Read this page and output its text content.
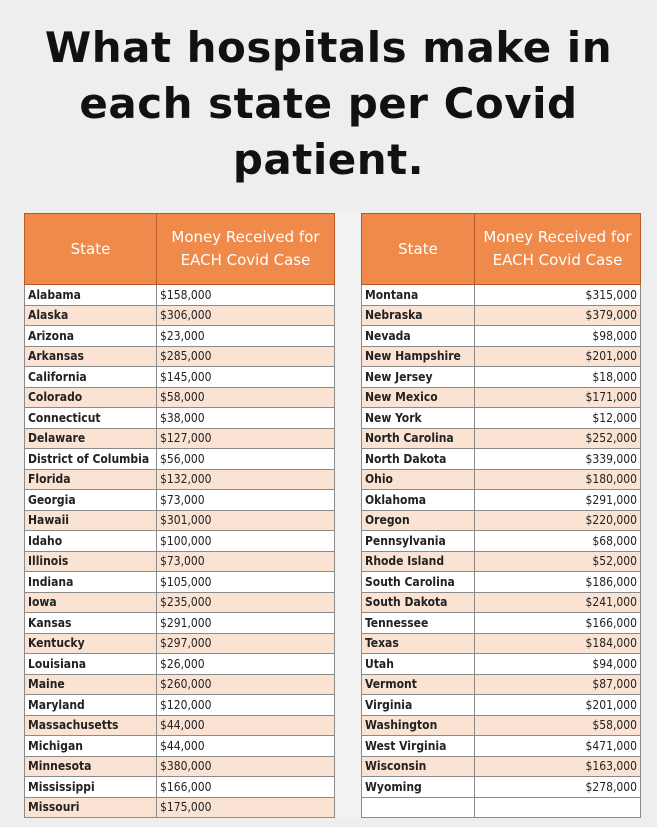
What hospitals make in
each state per Covid
patient.
State	Money Received for
EACH Covid Case

Alabama	$158,000
Alaska	$306,000
Arizona	$23,000
Arkansas	$285,000
California	$145,000
Colorado	$58,000
Connecticut	$38,000
Delaware	$127,000
District of Columbia	$56,000
Florida	$132,000
Georgia	$73,000
Hawaii	$301,000
Idaho	$100,000
Illinois	$73,000
Indiana	$105,000
Iowa	$235,000
Kansas	$291,000
Kentucky	$297,000
Louisiana	$26,000
Maine	$260,000
Maryland	$120,000
Massachusetts	$44,000
Michigan	$44,000
Minnesota	$380,000
Mississippi	$166,000
Missouri	$175,000
State	Money Received for
EACH Covid Case

Montana	$315,000
Nebraska	$379,000
Nevada	$98,000
New Hampshire	$201,000
New Jersey	$18,000
New Mexico	$171,000
New York	$12,000
North Carolina	$252,000
North Dakota	$339,000
Ohio	$180,000
Oklahoma	$291,000
Oregon	$220,000
Pennsylvania	$68,000
Rhode Island	$52,000
South Carolina	$186,000
South Dakota	$241,000
Tennessee	$166,000
Texas	$184,000
Utah	$94,000
Vermont	$87,000
Virginia	$201,000
Washington	$58,000
West Virginia	$471,000
Wisconsin	$163,000
Wyoming	$278,000
